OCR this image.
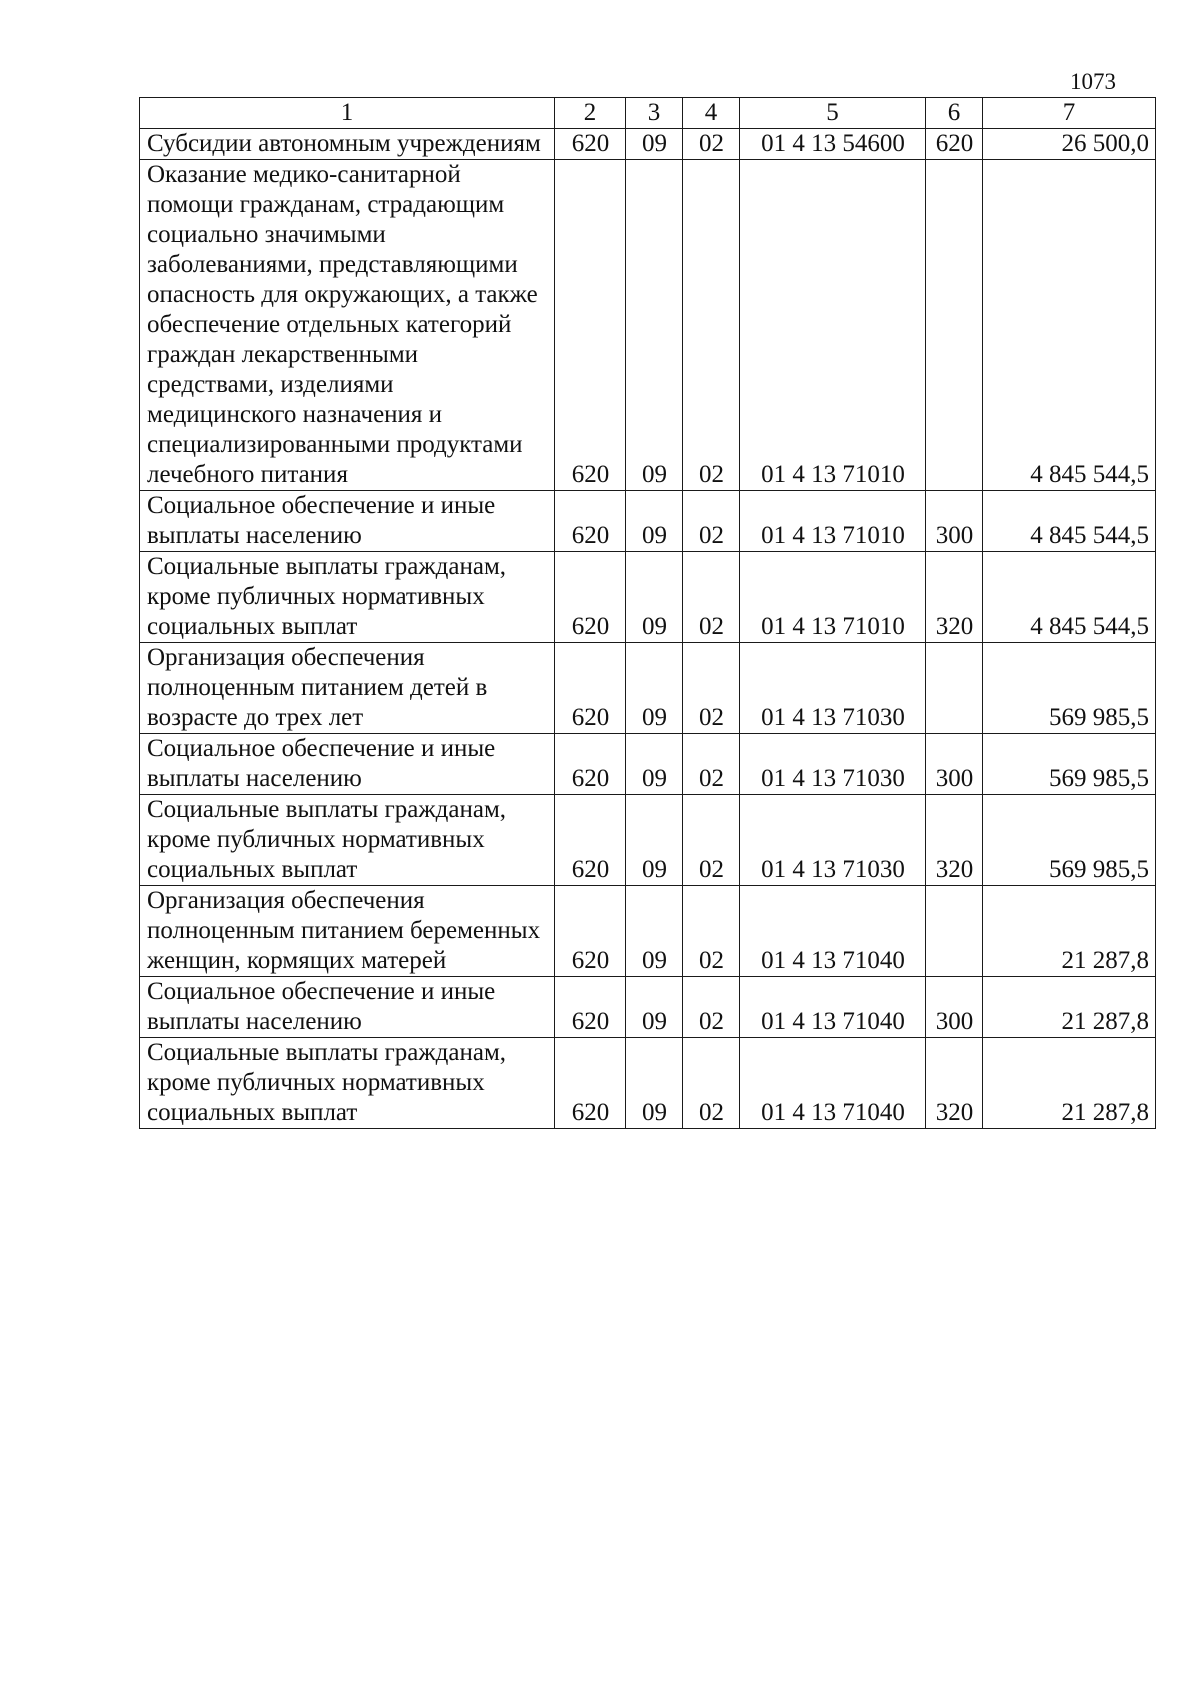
1073
1	2	3	4	5	6	7
Субсидии автономным учреждениям	620	09	02	01 4 13 54600	620	26 500,0
Оказание медико-санитарной помощи гражданам, страдающим социально значимыми заболеваниями, представляющими опасность для окружающих, а также обеспечение отдельных категорий граждан лекарственными средствами, изделиями медицинского назначения и специализированными продуктами лечебного питания	620	09	02	01 4 13 71010		4 845 544,5
Социальное обеспечение и иные выплаты населению	620	09	02	01 4 13 71010	300	4 845 544,5
Социальные выплаты гражданам, кроме публичных нормативных социальных выплат	620	09	02	01 4 13 71010	320	4 845 544,5
Организация обеспечения полноценным питанием детей в возрасте до трех лет	620	09	02	01 4 13 71030		569 985,5
Социальное обеспечение и иные выплаты населению	620	09	02	01 4 13 71030	300	569 985,5
Социальные выплаты гражданам, кроме публичных нормативных социальных выплат	620	09	02	01 4 13 71030	320	569 985,5
Организация обеспечения полноценным питанием беременных женщин, кормящих матерей	620	09	02	01 4 13 71040		21 287,8
Социальное обеспечение и иные выплаты населению	620	09	02	01 4 13 71040	300	21 287,8
Социальные выплаты гражданам, кроме публичных нормативных социальных выплат	620	09	02	01 4 13 71040	320	21 287,8
